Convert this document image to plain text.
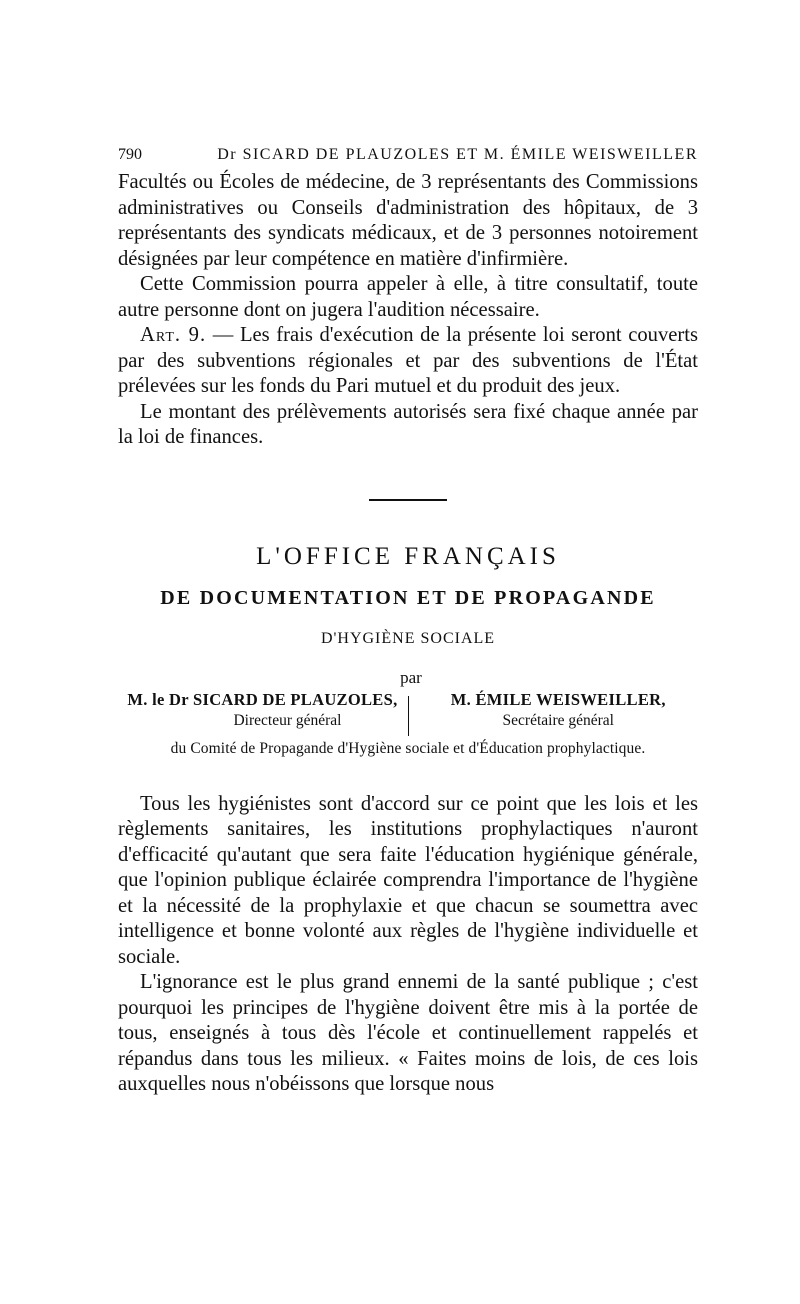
790	Dr SICARD DE PLAUZOLES ET M. ÉMILE WEISWEILLER

Facultés ou Écoles de médecine, de 3 représentants des Commissions administratives ou Conseils d'administration des hôpitaux, de 3 représentants des syndicats médicaux, et de 3 personnes notoirement désignées par leur compétence en matière d'infirmière.

Cette Commission pourra appeler à elle, à titre consultatif, toute autre personne dont on jugera l'audition nécessaire.

Art. 9. — Les frais d'exécution de la présente loi seront couverts par des subventions régionales et par des subventions de l'État prélevées sur les fonds du Pari mutuel et du produit des jeux.

Le montant des prélèvements autorisés sera fixé chaque année par la loi de finances.

L'OFFICE FRANÇAIS
DE DOCUMENTATION ET DE PROPAGANDE
D'HYGIÈNE SOCIALE
par
M. le Dr SICARD DE PLAUZOLES,
Directeur général
M. ÉMILE WEISWEILLER,
Secrétaire général
du Comité de Propagande d'Hygiène sociale et d'Éducation prophylactique.

Tous les hygiénistes sont d'accord sur ce point que les lois et les règlements sanitaires, les institutions prophylactiques n'auront d'efficacité qu'autant que sera faite l'éducation hygiénique générale, que l'opinion publique éclairée comprendra l'importance de l'hygiène et la nécessité de la prophylaxie et que chacun se soumettra avec intelligence et bonne volonté aux règles de l'hygiène individuelle et sociale.

L'ignorance est le plus grand ennemi de la santé publique ; c'est pourquoi les principes de l'hygiène doivent être mis à la portée de tous, enseignés à tous dès l'école et continuellement rappelés et répandus dans tous les milieux. « Faites moins de lois, de ces lois auxquelles nous n'obéissons que lorsque nous
